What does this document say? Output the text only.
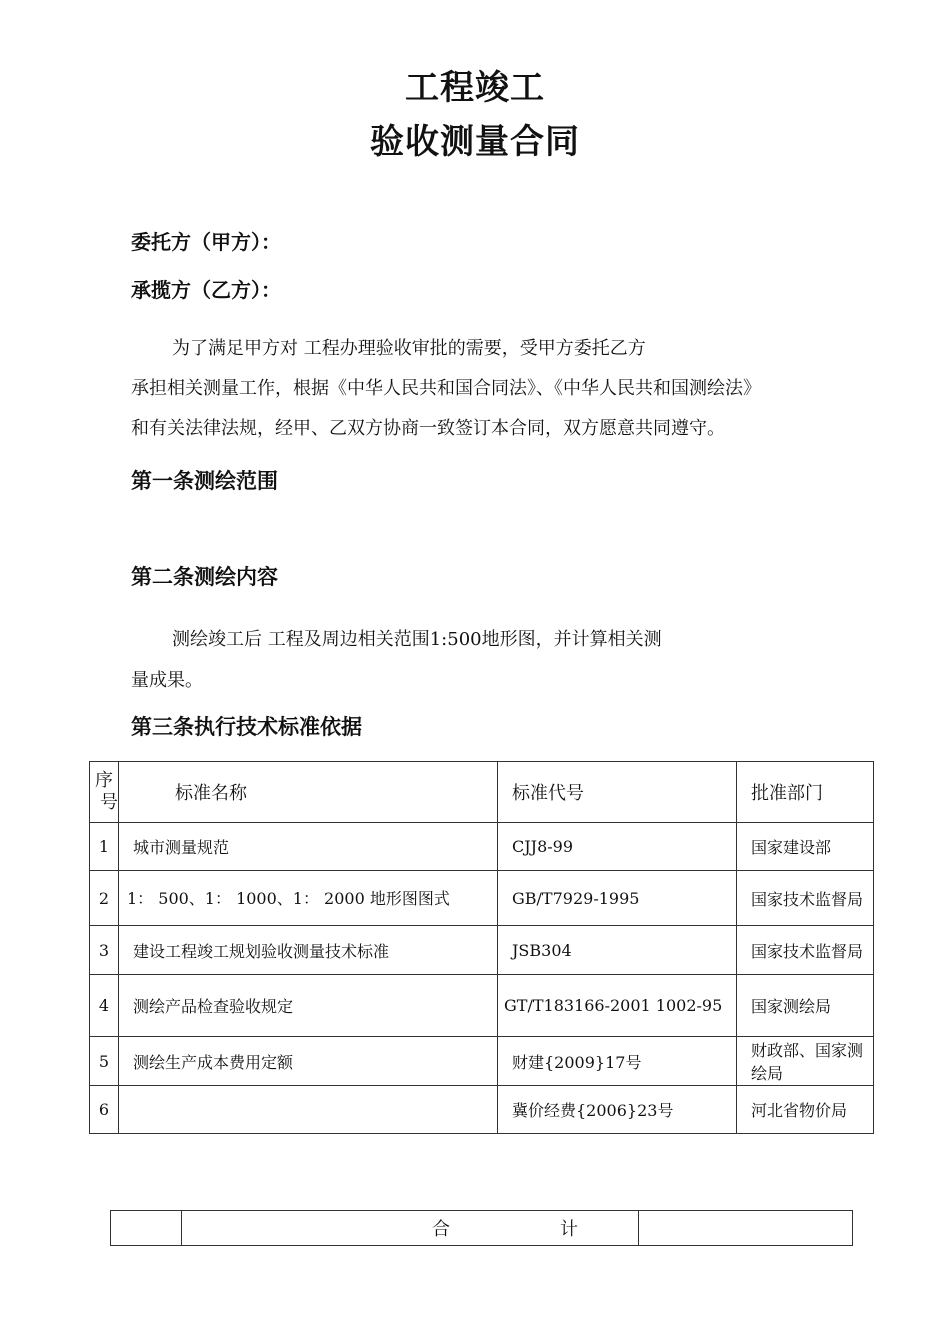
工程竣工
验收测量合同
委托方（甲方）：
承揽方（乙方）：
为了满足甲方对 工程办理验收审批的需要，受甲方委托乙方
承担相关测量工作，根据《中华人民共和国合同法》、《中华人民共和国测绘法》
和有关法律法规，经甲、乙双方协商一致签订本合同，双方愿意共同遵守。
第一条测绘范围
第二条测绘内容
测绘竣工后 工程及周边相关范围1:500地形图，并计算相关测
量成果。
第三条执行技术标准依据
序
号	标准名称	标准代号	批准部门
1	城市测量规范	CJJ8-99	国家建设部
2	1： 500、1： 1000、1： 2000 地形图图式	GB/T7929-1995	国家技术监督局
3	建设工程竣工规划验收测量技术标准	JSB304	国家技术监督局
4	测绘产品检查验收规定	GT/T183166-2001 1002-95	国家测绘局
5	测绘生产成本费用定额	财建{2009}17号	财政部、国家测绘局
6		冀价经费{2006}23号	河北省物价局

合	计
